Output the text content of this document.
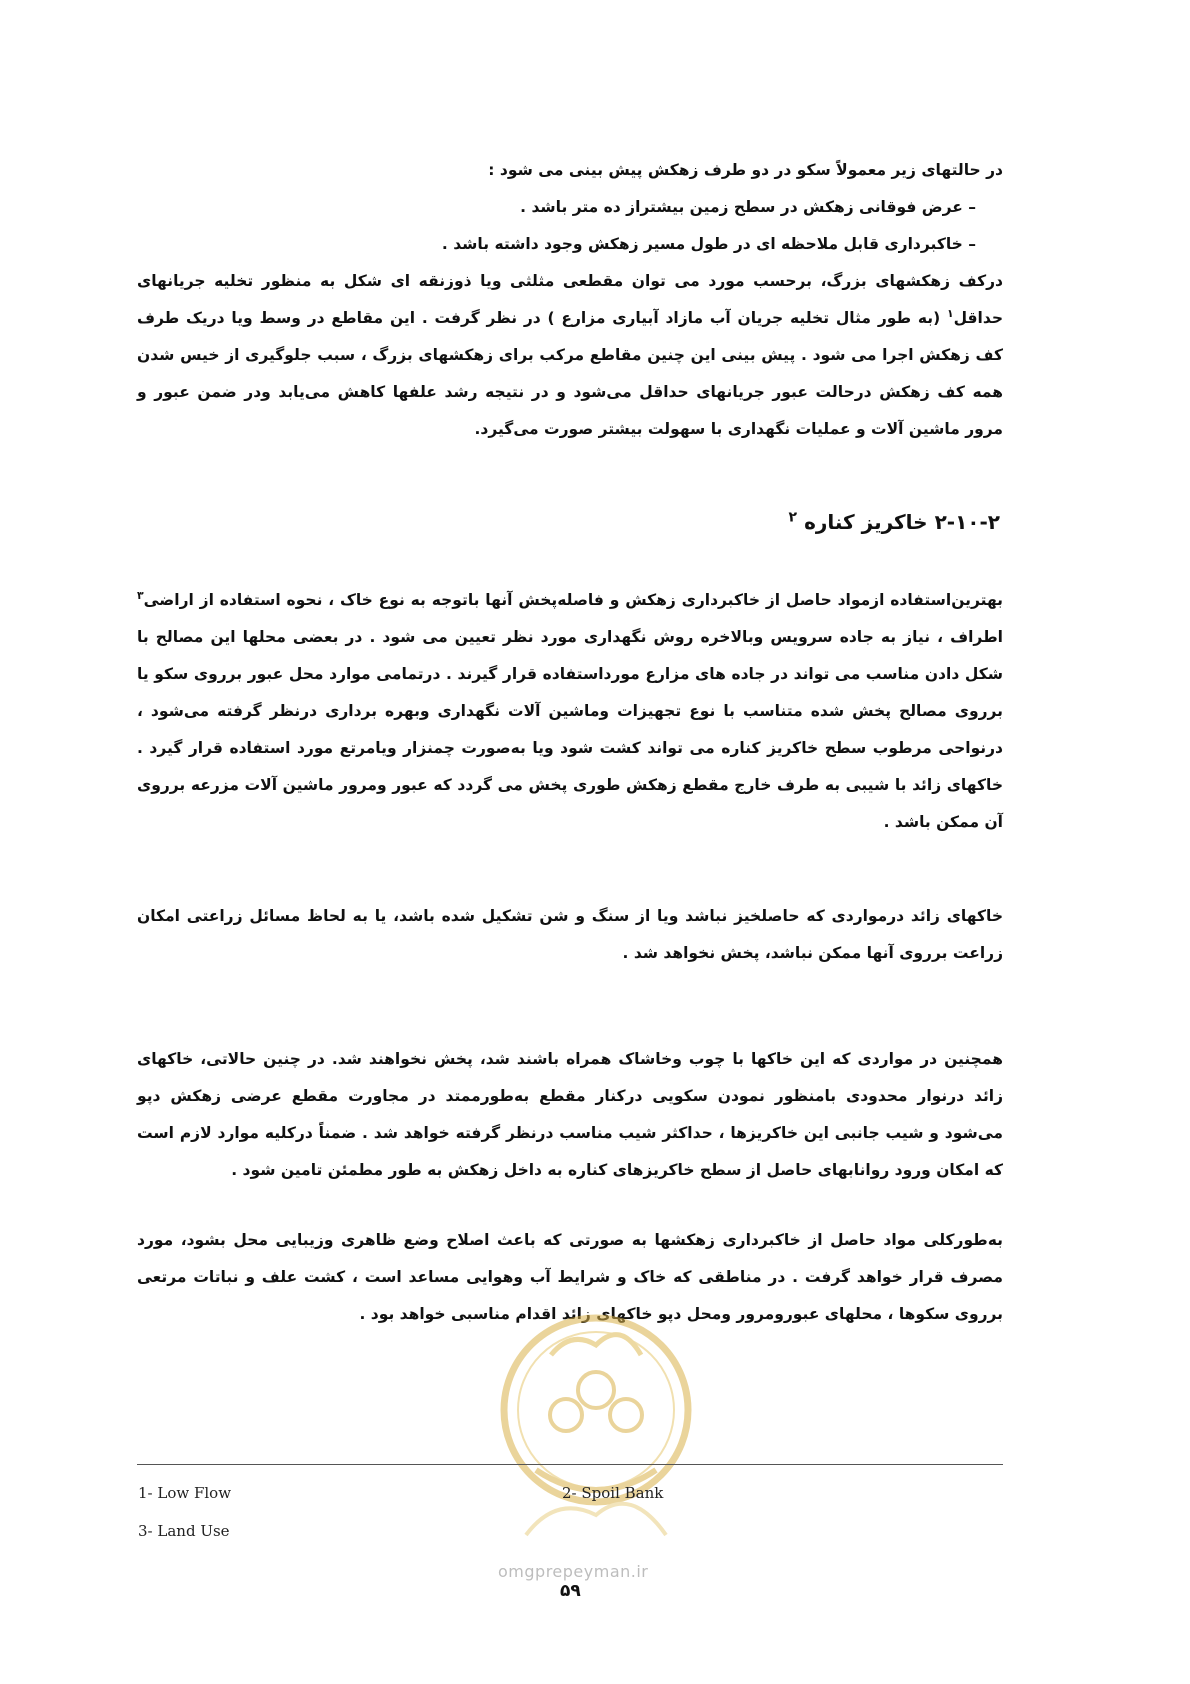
در حالتهای زیر معمولاً سکو در دو طرف زهکش پیش بینی می شود :
– عرض فوقانی زهکش در سطح زمین بیشتراز ده متر باشد .
– خاکبرداری قابل ملاحظه ای در طول مسیر زهکش وجود داشته باشد .
درکف زهکشهای بزرگ، برحسب مورد می توان مقطعی مثلثی ویا ذوزنقه ای شکل به منظور تخلیه جریانهای حداقل$^۱$ (به طور مثال تخلیه جریان آب مازاد آبیاری مزارع ) در نظر گرفت . این مقاطع در وسط ویا دریک طرف کف زهکش اجرا می شود . پیش بینی این چنین مقاطع مرکب برای زهکشهای بزرگ ، سبب جلوگیری از خیس شدن همه کف زهکش درحالت عبور جریانهای حداقل می‌شود و در نتیجه رشد علفها کاهش می‌یابد ودر ضمن عبور و مرور ماشین آلات و عملیات نگهداری با سهولت بیشتر صورت می‌گیرد.
۲-۱۰-۲ خاکریز کناره $^۲$
بهترین‌استفاده ازمواد حاصل از خاکبرداری زهکش و فاصله‌پخش آنها باتوجه به نوع خاک ، نحوه استفاده از اراضی$^۳$ اطراف ، نیاز به جاده سرویس وبالاخره روش نگهداری مورد نظر تعیین می شود . در بعضی محلها این مصالح با شکل دادن مناسب می تواند در جاده های مزارع مورداستفاده قرار گیرند . درتمامی موارد محل عبور برروی سکو یا برروی مصالح پخش شده متناسب با نوع تجهیزات وماشین آلات نگهداری وبهره برداری درنظر گرفته می‌شود ، درنواحی مرطوب سطح خاکریز کناره می تواند کشت شود ویا به‌صورت چمنزار ویامرتع مورد استفاده قرار گیرد . خاکهای زائد با شیبی به طرف خارج مقطع زهکش طوری پخش می گردد که عبور ومرور ماشین آلات مزرعه برروی آن ممکن باشد .
خاکهای زائد درمواردی که حاصلخیز نباشد ویا از سنگ و شن تشکیل شده باشد، یا به لحاظ مسائل زراعتی امکان زراعت برروی آنها ممکن نباشد، پخش نخواهد شد .
همچنین در مواردی که این خاکها با چوب وخاشاک همراه باشند شد، پخش نخواهند شد. در چنین حالاتی، خاکهای زائد درنوار محدودی بامنظور نمودن سکویی درکنار مقطع به‌طورممتد در مجاورت مقطع عرضی زهکش دپو می‌شود و شیب جانبی این خاکریزها ، حداکثر شیب مناسب درنظر گرفته خواهد شد . ضمناً درکلیه موارد لازم است که امکان ورود روانابهای حاصل از سطح خاکریزهای کناره به داخل زهکش به طور مطمئن تامین شود .
به‌طورکلی مواد حاصل از خاکبرداری زهکشها به صورتی که باعث اصلاح وضع ظاهری وزیبایی محل بشود، مورد مصرف قرار خواهد گرفت . در مناطقی که خاک و شرایط آب وهوایی مساعد است ، کشت علف و نباتات مرتعی برروی سکوها ، محلهای عبورومرور ومحل دپو خاکهای زائد اقدام مناسبی خواهد بود .
1- Low Flow	2- Spoil Bank
3- Land Use
omgprepeyman.ir
۵۹
